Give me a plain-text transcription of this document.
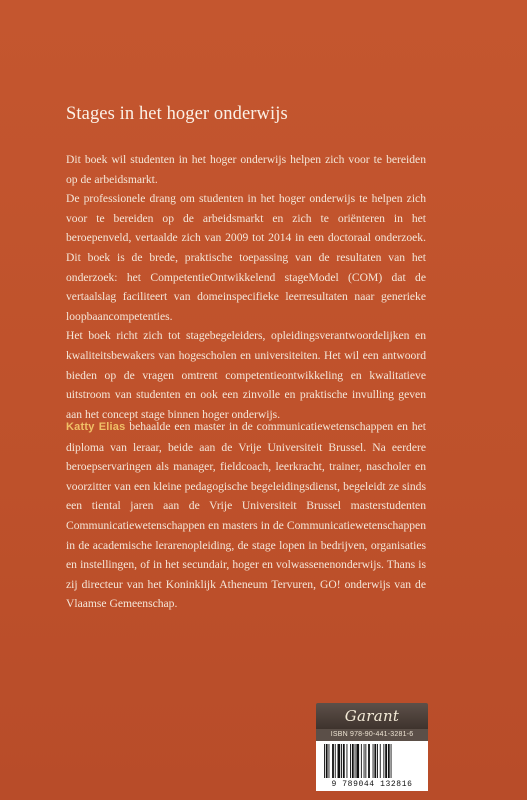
Stages in het hoger onderwijs

Dit boek wil studenten in het hoger onderwijs helpen zich voor te bereiden op de arbeidsmarkt.

De professionele drang om studenten in het hoger onderwijs te helpen zich voor te bereiden op de arbeidsmarkt en zich te oriënteren in het beroepenveld, vertaalde zich van 2009 tot 2014 in een doctoraal onderzoek. Dit boek is de brede, praktische toepassing van de resultaten van het onderzoek: het CompetentieOntwikkelend stageModel (COM) dat de vertaalslag faciliteert van domeinspecifieke leerresultaten naar generieke loopbaancompetenties.

Het boek richt zich tot stagebegeleiders, opleidingsverantwoordelijken en kwaliteitsbewakers van hogescholen en universiteiten. Het wil een antwoord bieden op de vragen omtrent competentieontwikkeling en kwalitatieve uitstroom van studenten en ook een zinvolle en praktische invulling geven aan het concept stage binnen hoger onderwijs.

Katty Elias behaalde een master in de communicatiewetenschappen en het diploma van leraar, beide aan de Vrije Universiteit Brussel. Na eerdere beroepservaringen als manager, fieldcoach, leerkracht, trainer, nascholer en voorzitter van een kleine pedagogische begeleidingsdienst, begeleidt ze sinds een tiental jaren aan de Vrije Universiteit Brussel masterstudenten Communicatiewetenschappen en masters in de Communicatiewetenschappen in de academische lerarenopleiding, de stage lopen in bedrijven, organisaties en instellingen, of in het secundair, hoger en volwassenenonderwijs. Thans is zij directeur van het Koninklijk Atheneum Tervuren, GO! onderwijs van de Vlaamse Gemeenschap.

Garant
ISBN 978-90-441-3281-6
9 789044 132816
